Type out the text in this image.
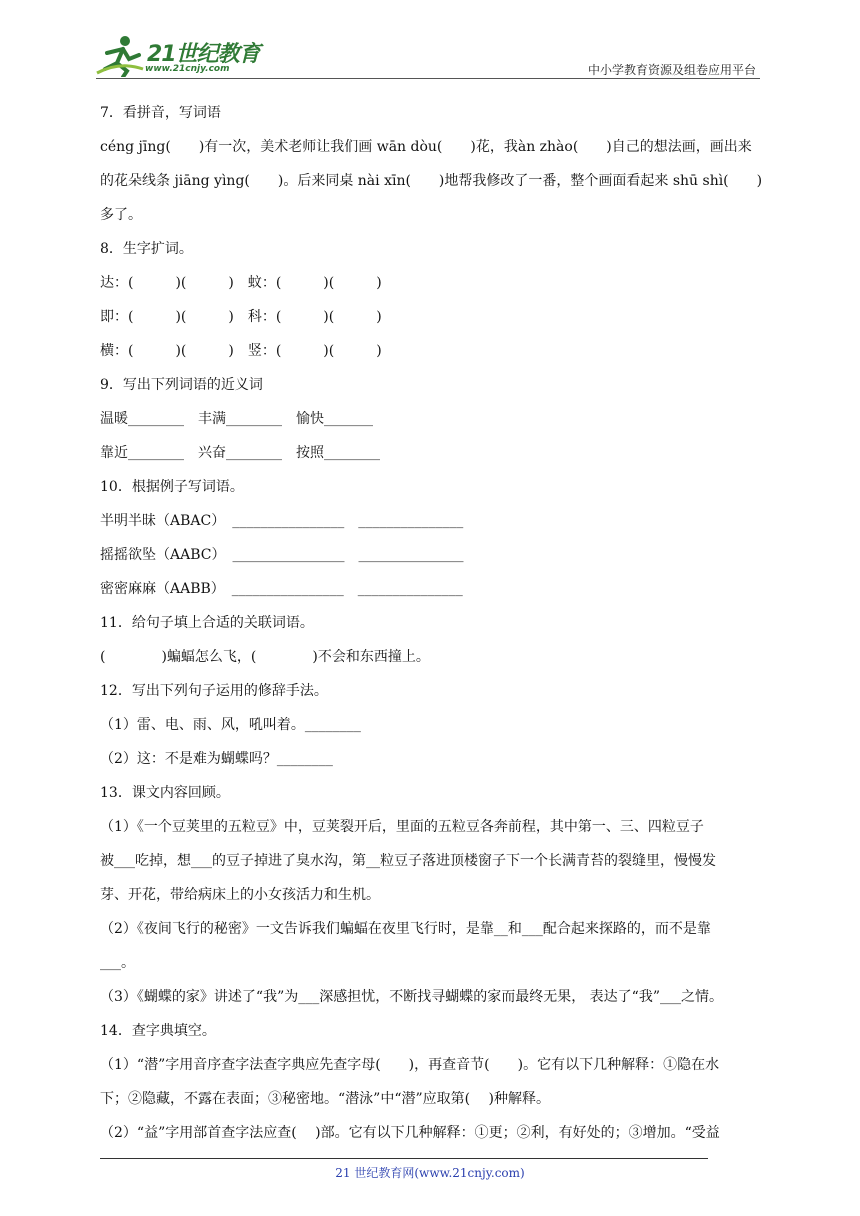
21世纪教育
www.21cnjy.com	中小学教育资源及组卷应用平台
7．看拼音，写词语
céng jīng(　　)有一次，美术老师让我们画 wān dòu(　　)花，我àn zhào(　　)自己的想法画，画出来
的花朵线条 jiāng yìng(　　)。后来同桌 nài xīn(　　)地帮我修改了一番，整个画面看起来 shū shì(　　)
多了。
8．生字扩词。
达：(　　　)(　　　)　蚊：(　　　)(　　　)
即：(　　　)(　　　)　科：(　　　)(　　　)
横：(　　　)(　　　)　竖：(　　　)(　　　)
9．写出下列词语的近义词
温暖________　丰满________　愉快_______
靠近________　兴奋________　按照________
10．根据例子写词语。
半明半昧（ABAC）　________________　_______________
摇摇欲坠（AABC）　________________　_______________
密密麻麻（AABB）　________________　_______________
11．给句子填上合适的关联词语。
(　　　　)蝙蝠怎么飞，(　　　　)不会和东西撞上。
12．写出下列句子运用的修辞手法。
（1）雷、电、雨、风，吼叫着。________
（2）这：不是难为蝴蝶吗？________
13．课文内容回顾。
（1）《一个豆荚里的五粒豆》中，豆荚裂开后，里面的五粒豆各奔前程，其中第一、三、四粒豆子
被___吃掉，想___的豆子掉进了臭水沟，第__粒豆子落进顶楼窗子下一个长满青苔的裂缝里，慢慢发
芽、开花，带给病床上的小女孩活力和生机。
（2）《夜间飞行的秘密》一文告诉我们蝙蝠在夜里飞行时，是靠__和___配合起来探路的，而不是靠
___。
（3）《蝴蝶的家》讲述了“我”为___深感担忧，不断找寻蝴蝶的家而最终无果， 表达了“我”___之情。
14．查字典填空。
（1）“潜”字用音序查字法查字典应先查字母(　　)，再查音节(　　)。它有以下几种解释：①隐在水
下；②隐藏，不露在表面；③秘密地。“潜泳”中“潜”应取第(　 )种解释。
（2）“益”字用部首查字法应查(　 )部。它有以下几种解释：①更；②利，有好处的；③增加。“受益
21 世纪教育网(www.21cnjy.com)
